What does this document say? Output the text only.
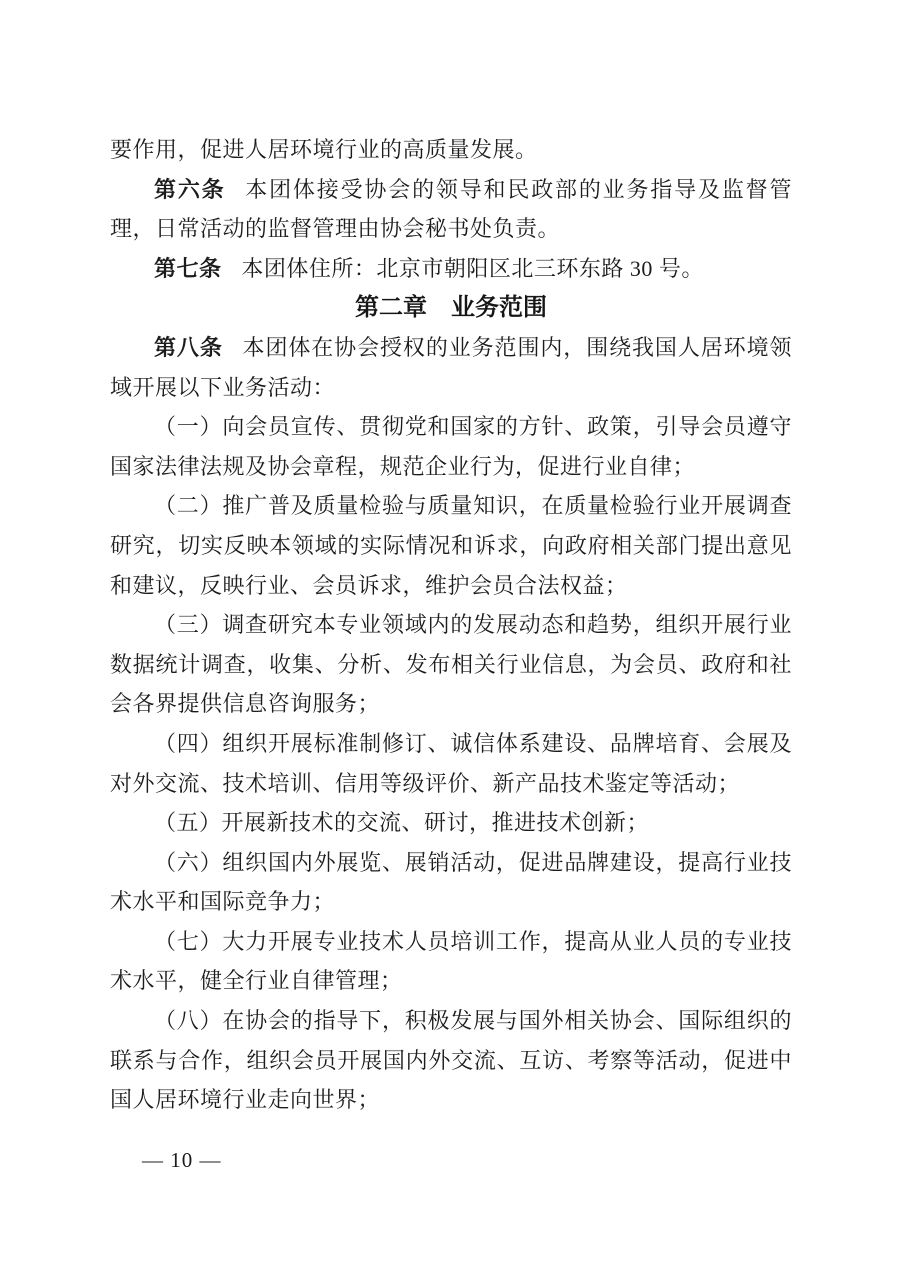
要作用，促进人居环境行业的高质量发展。

第六条 本团体接受协会的领导和民政部的业务指导及监督管理，日常活动的监督管理由协会秘书处负责。

第七条 本团体住所：北京市朝阳区北三环东路 30 号。

第二章　业务范围

第八条 本团体在协会授权的业务范围内，围绕我国人居环境领域开展以下业务活动：

（一）向会员宣传、贯彻党和国家的方针、政策，引导会员遵守国家法律法规及协会章程，规范企业行为，促进行业自律；

（二）推广普及质量检验与质量知识，在质量检验行业开展调查研究，切实反映本领域的实际情况和诉求，向政府相关部门提出意见和建议，反映行业、会员诉求，维护会员合法权益；

（三）调查研究本专业领域内的发展动态和趋势，组织开展行业数据统计调查，收集、分析、发布相关行业信息，为会员、政府和社会各界提供信息咨询服务；

（四）组织开展标准制修订、诚信体系建设、品牌培育、会展及对外交流、技术培训、信用等级评价、新产品技术鉴定等活动；

（五）开展新技术的交流、研讨，推进技术创新；

（六）组织国内外展览、展销活动，促进品牌建设，提高行业技术水平和国际竞争力；

（七）大力开展专业技术人员培训工作，提高从业人员的专业技术水平，健全行业自律管理；

（八）在协会的指导下，积极发展与国外相关协会、国际组织的联系与合作，组织会员开展国内外交流、互访、考察等活动，促进中国人居环境行业走向世界；

— 10 —
